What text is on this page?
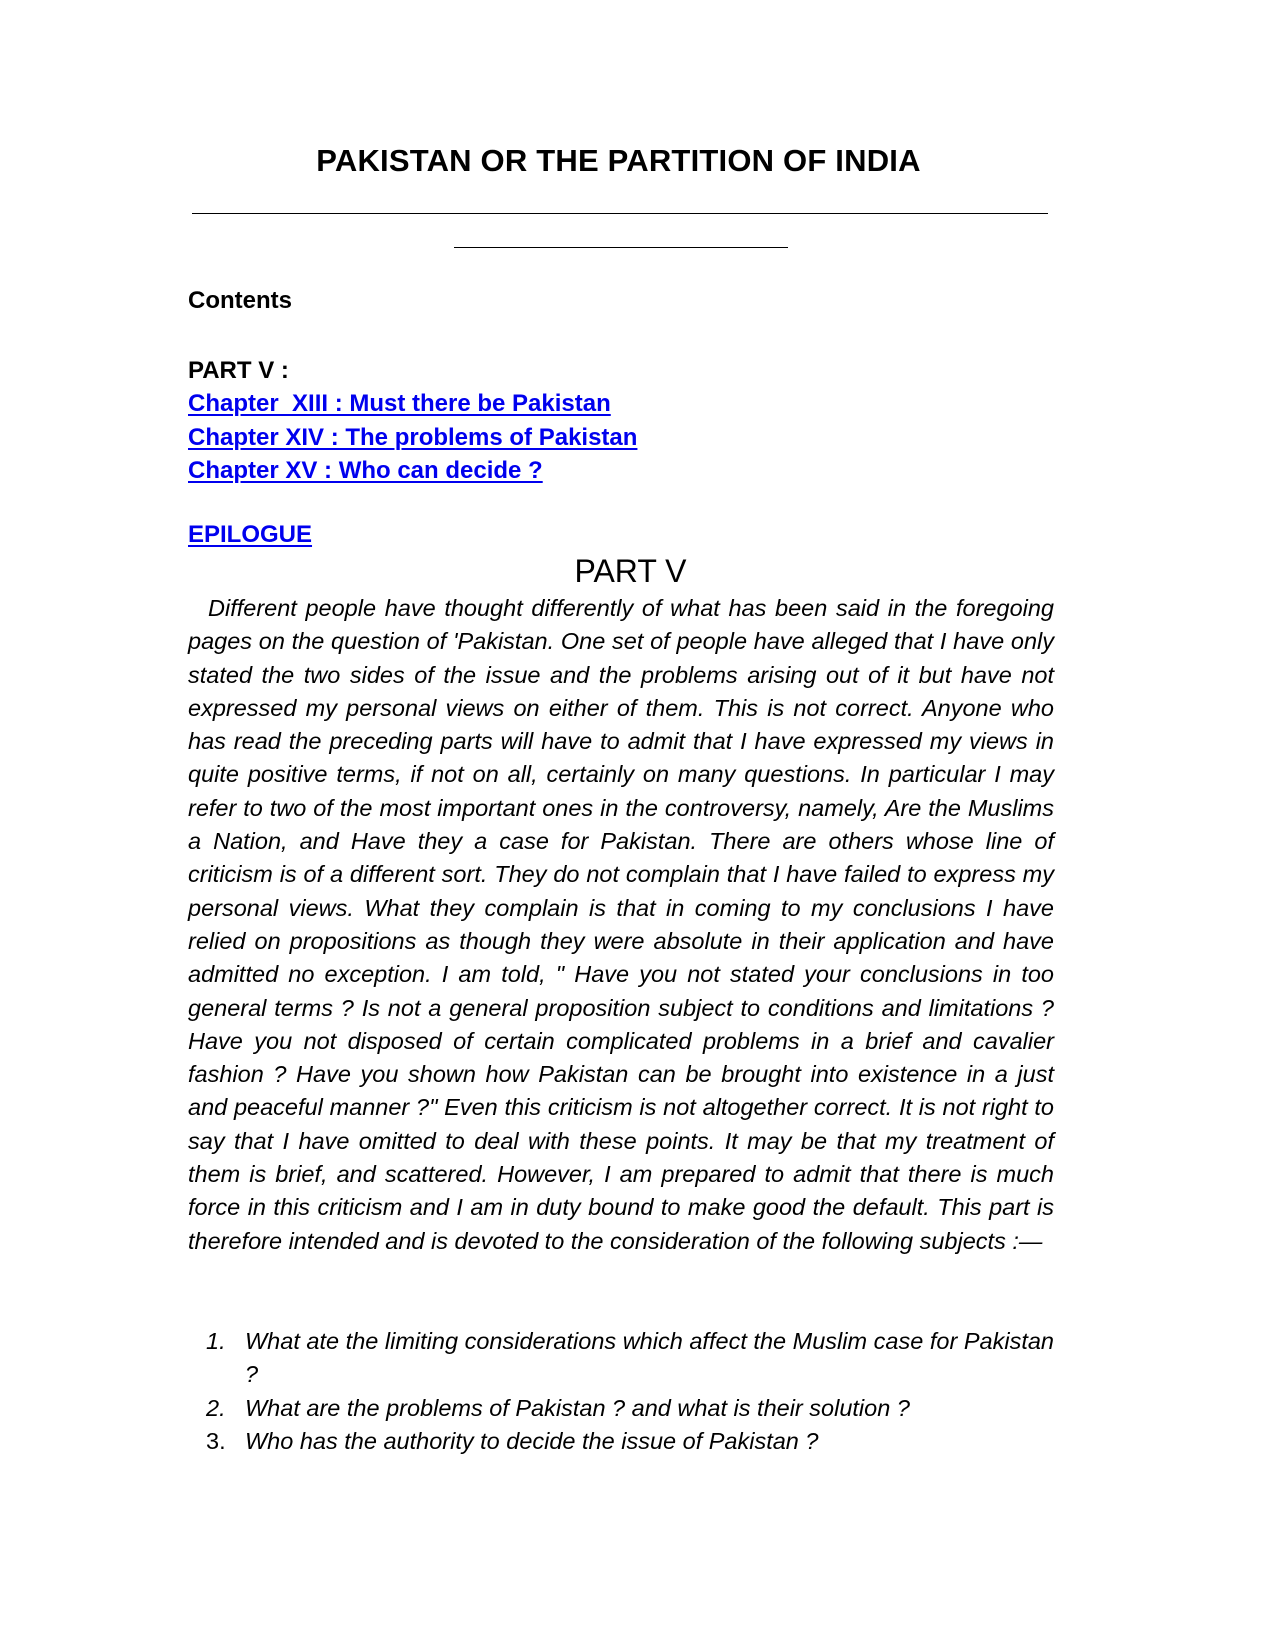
PAKISTAN OR THE PARTITION OF INDIA
Contents
PART V :
Chapter  XIII : Must there be Pakistan
Chapter XIV : The problems of Pakistan
Chapter XV : Who can decide ?
EPILOGUE
PART V

Different people have thought differently of what has been said in the foregoing pages on the question of 'Pakistan. One set of people have alleged that I have only stated the two sides of the issue and the problems arising out of it but have not expressed my personal views on either of them. This is not correct. Anyone who has read the preceding parts will have to admit that I have expressed my views in quite positive terms, if not on all, certainly on many questions. In particular I may refer to two of the most important ones in the controversy, namely, Are the Muslims a Nation, and Have they a case for Pakistan. There are others whose line of criticism is of a different sort. They do not complain that I have failed to express my personal views. What they complain is that in coming to my conclusions I have relied on propositions as though they were absolute in their application and have admitted no exception. I am told, " Have you not stated your conclusions in too general terms ? Is not a general proposition subject to conditions and limitations ? Have you not disposed of certain complicated problems in a brief and cavalier fashion ? Have you shown how Pakistan can be brought into existence in a just and peaceful manner ?" Even this criticism is not altogether correct. It is not right to say that I have omitted to deal with these points. It may be that my treatment of them is brief, and scattered. However, I am prepared to admit that there is much force in this criticism and I am in duty bound to make good the default. This part is therefore intended and is devoted to the consideration of the following subjects :—

1. What ate the limiting considerations which affect the Muslim case for Pakistan ?
2. What are the problems of Pakistan ? and what is their solution ?
3. Who has the authority to decide the issue of Pakistan ?
